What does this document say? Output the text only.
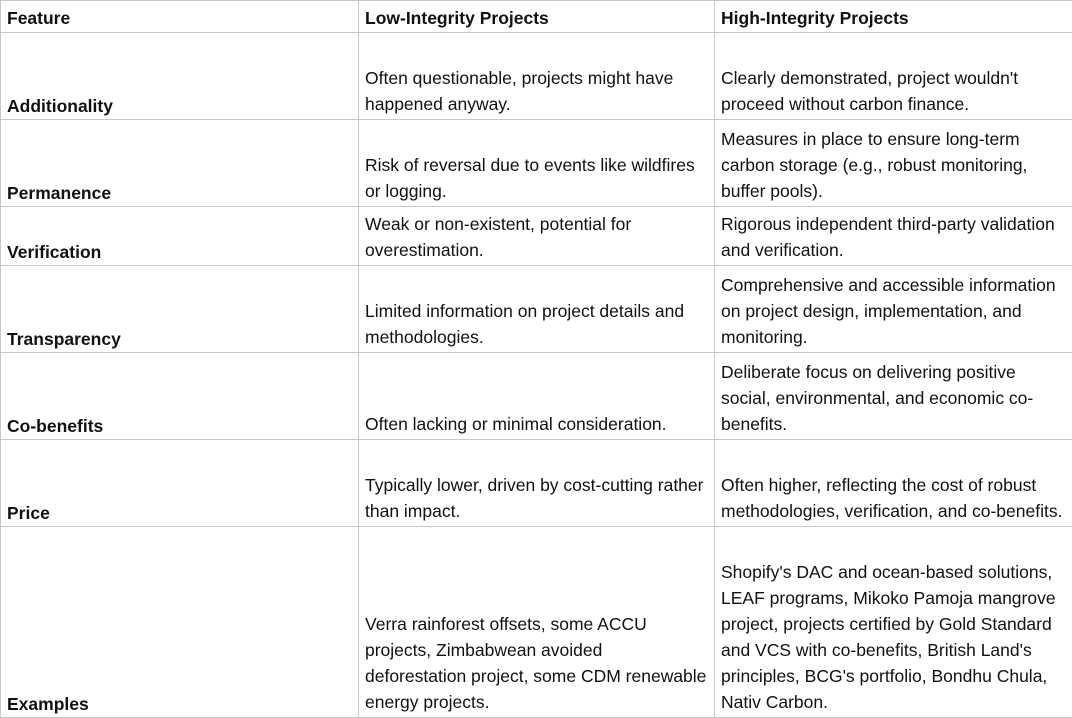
Feature	Low-Integrity Projects	High-Integrity Projects
Additionality	Often questionable, projects might have happened anyway.	Clearly demonstrated, project wouldn't proceed without carbon finance.
Permanence	Risk of reversal due to events like wildfires or logging.	Measures in place to ensure long-term carbon storage (e.g., robust monitoring, buffer pools).
Verification	Weak or non-existent, potential for overestimation.	Rigorous independent third-party validation and verification.
Transparency	Limited information on project details and methodologies.	Comprehensive and accessible information on project design, implementation, and monitoring.
Co-benefits	Often lacking or minimal consideration.	Deliberate focus on delivering positive social, environmental, and economic co-benefits.
Price	Typically lower, driven by cost-cutting rather than impact.	Often higher, reflecting the cost of robust methodologies, verification, and co-benefits.
Examples	Verra rainforest offsets, some ACCU projects, Zimbabwean avoided deforestation project, some CDM renewable energy projects.	Shopify's DAC and ocean-based solutions, LEAF programs, Mikoko Pamoja mangrove project, projects certified by Gold Standard and VCS with co-benefits, British Land's principles, BCG's portfolio, Bondhu Chula, Nativ Carbon.
